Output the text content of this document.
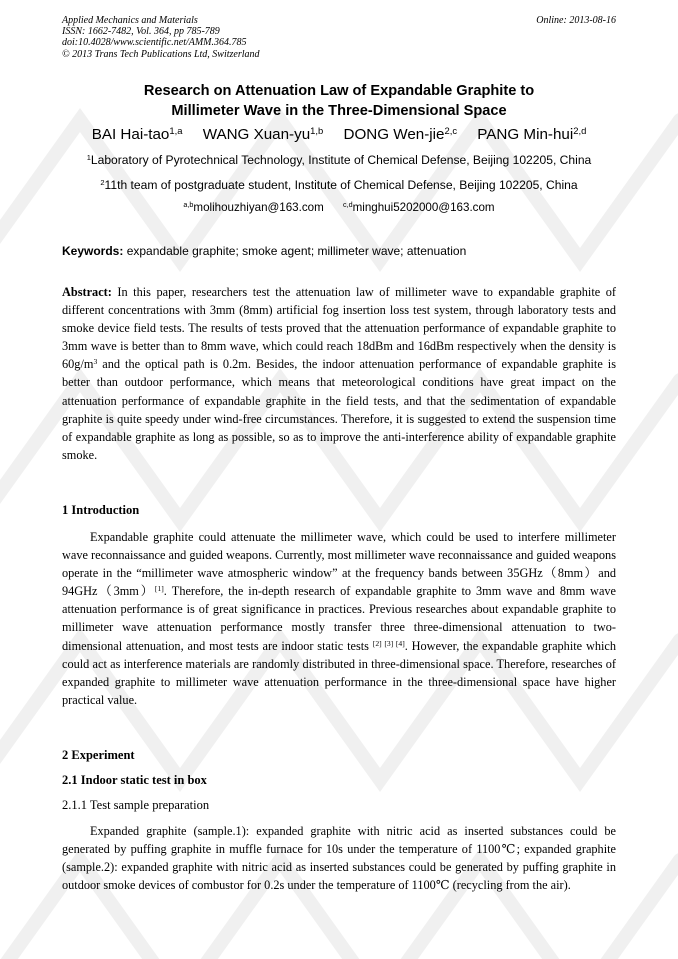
Applied Mechanics and Materials
ISSN: 1662-7482, Vol. 364, pp 785-789
doi:10.4028/www.scientific.net/AMM.364.785
© 2013 Trans Tech Publications Ltd, Switzerland
Online: 2013-08-16
Research on Attenuation Law of Expandable Graphite to
Millimeter Wave in the Three-Dimensional Space
BAI Hai-tao$^{1,a}$ WANG Xuan-yu$^{1,b}$ DONG Wen-jie$^{2,c}$ PANG Min-hui$^{2,d}$
$^1$Laboratory of Pyrotechnical Technology, Institute of Chemical Defense, Beijing 102205, China
$^2$11th team of postgraduate student, Institute of Chemical Defense, Beijing 102205, China
$^{a,b}$molihouzhiyan@163.com	$^{c,d}$minghui5202000@163.com
Keywords: expandable graphite; smoke agent; millimeter wave; attenuation
Abstract: In this paper, researchers test the attenuation law of millimeter wave to expandable graphite of different concentrations with 3mm (8mm) artificial fog insertion loss test system, through laboratory tests and smoke device field tests. The results of tests proved that the attenuation performance of expandable graphite to 3mm wave is better than to 8mm wave, which could reach 18dBm and 16dBm respectively when the density is $60g/m^3$ and the optical path is 0.2m. Besides, the indoor attenuation performance of expandable graphite is better than outdoor performance, which means that meteorological conditions have great impact on the attenuation performance of expandable graphite in the field tests, and that the sedimentation of expandable graphite is quite speedy under wind-free circumstances. Therefore, it is suggested to extend the suspension time of expandable graphite as long as possible, so as to improve the anti-interference ability of expandable graphite smoke.
1 Introduction
Expandable graphite could attenuate the millimeter wave, which could be used to interfere millimeter wave reconnaissance and guided weapons. Currently, most millimeter wave reconnaissance and guided weapons operate in the “millimeter wave atmospheric window” at the frequency bands between 35GHz（8mm）and 94GHz（3mm）[1]. Therefore, the in-depth research of expandable graphite to 3mm wave and 8mm wave attenuation performance is of great significance in practices. Previous researches about expandable graphite to millimeter wave attenuation performance mostly transfer three three-dimensional attenuation to two-dimensional attenuation, and most tests are indoor static tests [2] [3] [4]. However, the expandable graphite which could act as interference materials are randomly distributed in three-dimensional space. Therefore, researches of expanded graphite to millimeter wave attenuation performance in the three-dimensional space have higher practical value.
2 Experiment
2.1 Indoor static test in box
2.1.1 Test sample preparation
Expanded graphite (sample.1): expanded graphite with nitric acid as inserted substances could be generated by puffing graphite in muffle furnace for 10s under the temperature of 1100℃; expanded graphite (sample.2): expanded graphite with nitric acid as inserted substances could be generated by puffing graphite in outdoor smoke devices of combustor for 0.2s under the temperature of 1100℃ (recycling from the air).
